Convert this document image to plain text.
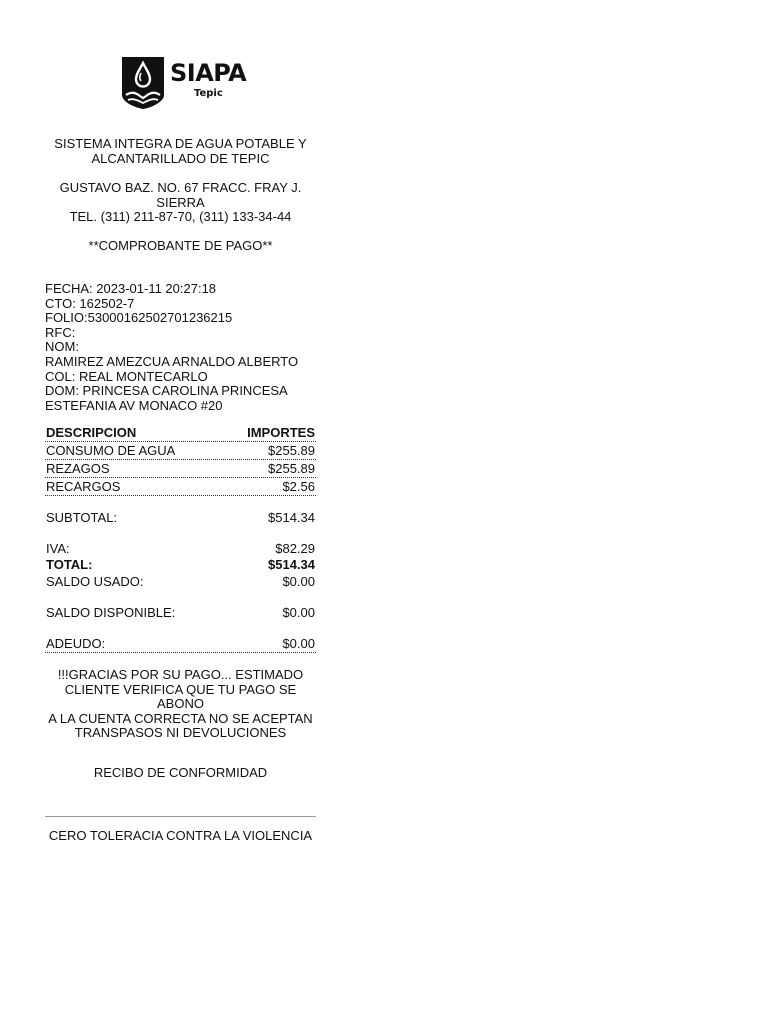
SIAPA
Tepic
SISTEMA INTEGRA DE AGUA POTABLE Y
ALCANTARILLADO DE TEPIC
GUSTAVO BAZ. NO. 67 FRACC. FRAY J.
SIERRA
TEL. (311) 211-87-70, (311) 133-34-44
**COMPROBANTE DE PAGO**
FECHA: 2023-01-11 20:27:18
CTO: 162502-7
FOLIO:53000162502701236215
RFC:
NOM:
RAMIREZ AMEZCUA ARNALDO ALBERTO
COL: REAL MONTECARLO
DOM: PRINCESA CAROLINA PRINCESA
ESTEFANIA AV MONACO #20
DESCRIPCION	IMPORTES
CONSUMO DE AGUA	$255.89
REZAGOS	$255.89
RECARGOS	$2.56
SUBTOTAL:	$514.34
IVA:	$82.29
TOTAL:	$514.34
SALDO USADO:	$0.00
SALDO DISPONIBLE:	$0.00
ADEUDO:	$0.00
!!!GRACIAS POR SU PAGO... ESTIMADO
CLIENTE VERIFICA QUE TU PAGO SE ABONO
A LA CUENTA CORRECTA NO SE ACEPTAN
TRANSPASOS NI DEVOLUCIONES
RECIBO DE CONFORMIDAD
CERO TOLERACIA CONTRA LA VIOLENCIA
